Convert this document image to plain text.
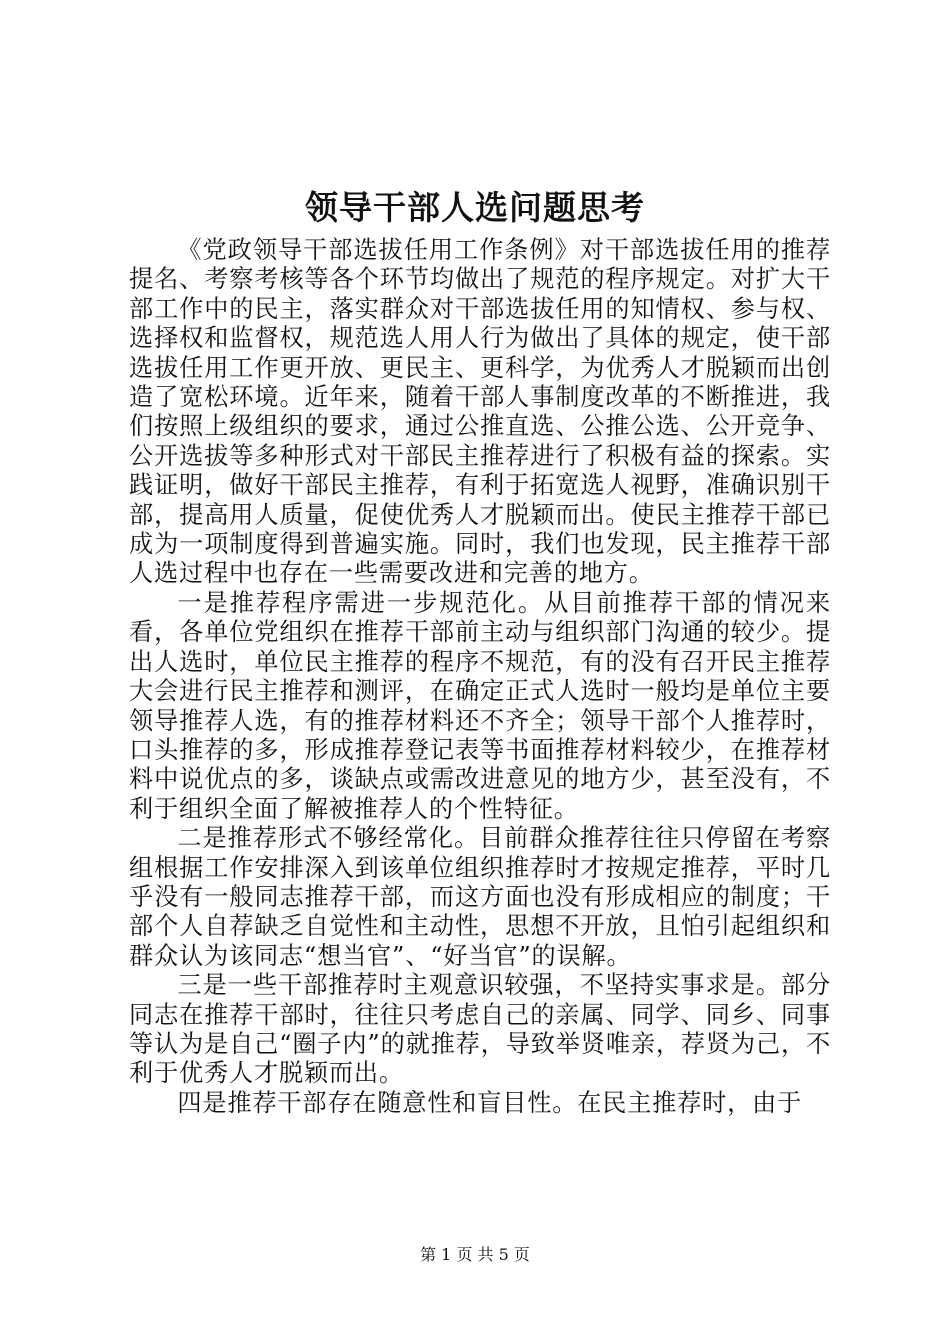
领导干部人选问题思考

《党政领导干部选拔任用工作条例》对干部选拔任用的推荐提名、考察考核等各个环节均做出了规范的程序规定。对扩大干部工作中的民主，落实群众对干部选拔任用的知情权、参与权、选择权和监督权，规范选人用人行为做出了具体的规定，使干部选拔任用工作更开放、更民主、更科学，为优秀人才脱颖而出创造了宽松环境。近年来，随着干部人事制度改革的不断推进，我们按照上级组织的要求，通过公推直选、公推公选、公开竞争、公开选拔等多种形式对干部民主推荐进行了积极有益的探索。实践证明，做好干部民主推荐，有利于拓宽选人视野，准确识别干部，提高用人质量，促使优秀人才脱颖而出。使民主推荐干部已成为一项制度得到普遍实施。同时，我们也发现，民主推荐干部人选过程中也存在一些需要改进和完善的地方。

一是推荐程序需进一步规范化。从目前推荐干部的情况来看，各单位党组织在推荐干部前主动与组织部门沟通的较少。提出人选时，单位民主推荐的程序不规范，有的没有召开民主推荐大会进行民主推荐和测评，在确定正式人选时一般均是单位主要领导推荐人选，有的推荐材料还不齐全；领导干部个人推荐时，口头推荐的多，形成推荐登记表等书面推荐材料较少，在推荐材料中说优点的多，谈缺点或需改进意见的地方少，甚至没有，不利于组织全面了解被推荐人的个性特征。

二是推荐形式不够经常化。目前群众推荐往往只停留在考察组根据工作安排深入到该单位组织推荐时才按规定推荐，平时几乎没有一般同志推荐干部，而这方面也没有形成相应的制度；干部个人自荐缺乏自觉性和主动性，思想不开放，且怕引起组织和群众认为该同志“想当官”、“好当官”的误解。

三是一些干部推荐时主观意识较强，不坚持实事求是。部分同志在推荐干部时，往往只考虑自己的亲属、同学、同乡、同事等认为是自己“圈子内”的就推荐，导致举贤唯亲，荐贤为己，不利于优秀人才脱颖而出。

四是推荐干部存在随意性和盲目性。在民主推荐时，由于

第 1 页 共 5 页
